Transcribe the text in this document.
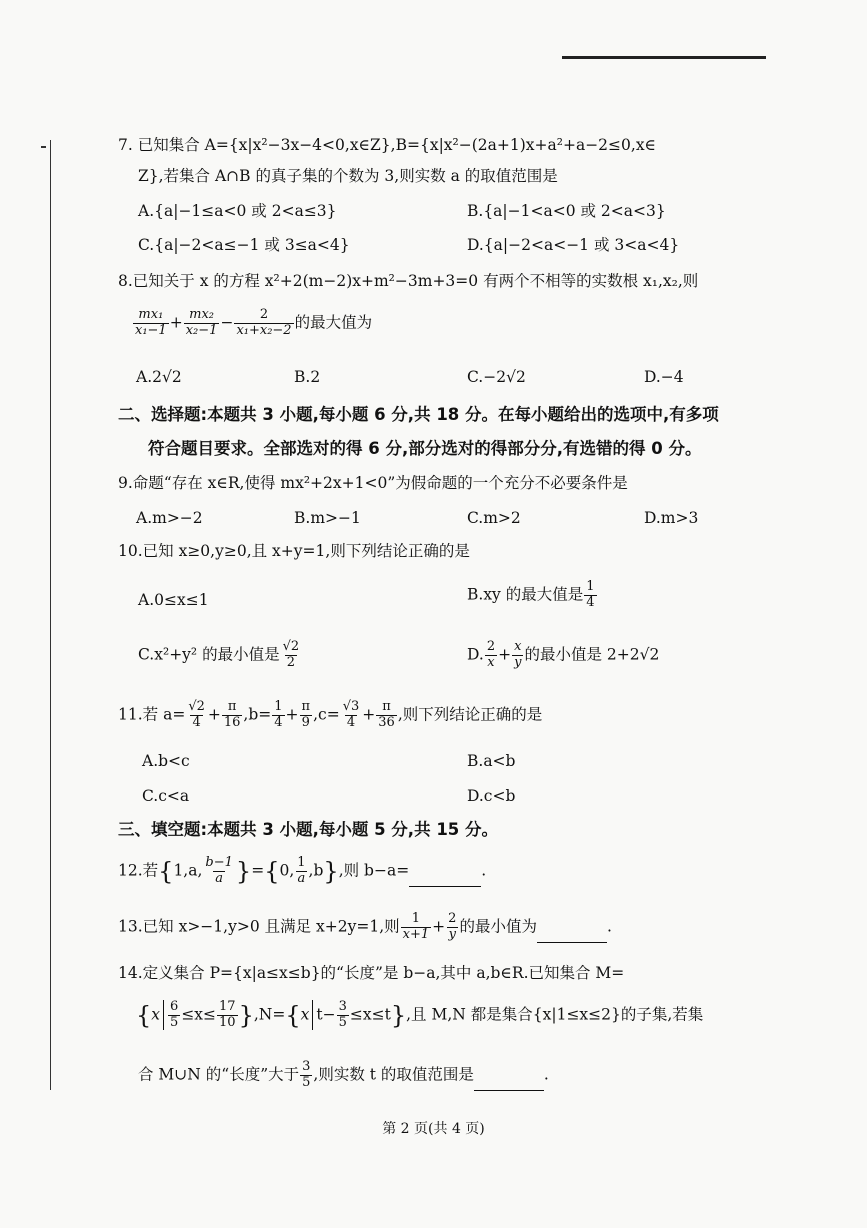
7. 已知集合 A={x|x²−3x−4<0,x∈Z},B={x|x²−(2a+1)x+a²+a−2≤0,x∈
Z},若集合 A∩B 的真子集的个数为 3,则实数 a 的取值范围是
A.{a|−1≤a<0 或 2<a≤3}	B.{a|−1<a<0 或 2<a<3}
C.{a|−2<a≤−1 或 3≤a<4}	D.{a|−2<a<−1 或 3<a<4}
8.已知关于 x 的方程 x²+2(m−2)x+m²−3m+3=0 有两个不相等的实数根 x₁,x₂,则
$\frac{\text{mx₁}}{\text{x₁−1}} + \frac{\text{mx₂}}{\text{x₂−1}} - \frac{2}{\text{x₁+x₂−2}}$ 的最大值为
A.2√2	B.2	C.−2√2	D.−4
二、选择题:本题共 3 小题,每小题 6 分,共 18 分。在每小题给出的选项中,有多项
符合题目要求。全部选对的得 6 分,部分选对的得部分分,有选错的得 0 分。
9.命题“存在 x∈R,使得 mx²+2x+1<0”为假命题的一个充分不必要条件是
A.m>−2	B.m>−1	C.m>2	D.m>3
10.已知 x≥0,y≥0,且 x+y=1,则下列结论正确的是
A.0≤x≤1	B.xy 的最大值是 $\frac{1}{4}$
C.x²+y² 的最小值是 $\frac{√2}{2}$	D. $\frac{2}{x} + \frac{x}{y}$ 的最小值是 2+2√2
11.若 $a= \frac{√2}{4} + \frac{\pi}{16} ,b= \frac{1}{4} + \frac{\pi}{9} ,c= \frac{√3}{4} + \frac{\pi}{36}$ ,则下列结论正确的是
A.b<c	B.a<b
C.c<a	D.c<b
三、填空题:本题共 3 小题,每小题 5 分,共 15 分。
12.若{1,a, $\frac{b-1}{a} \}=\{0$, $\frac{1}{a} ,b$},则 b−a=	.
13.已知 x>−1,y>0 且满足 x+2y=1,则 $\frac{1}{x+1} + \frac{2}{y}$ 的最小值为	.
14.定义集合 P={x|a≤x≤b}的“长度”是 b−a,其中 a,b∈R.已知集合 M=
$\{x \frac{6}{5} \le x\le \frac{17}{10} \},N=\{x$ $t- \frac{3}{5} \le x\le t$},且 M,N 都是集合{x|1≤x≤2}的子集,若集
合 M∪N 的“长度”大于 $\frac{3}{5}$ ,则实数 t 的取值范围是	.
第 2 页(共 4 页)
